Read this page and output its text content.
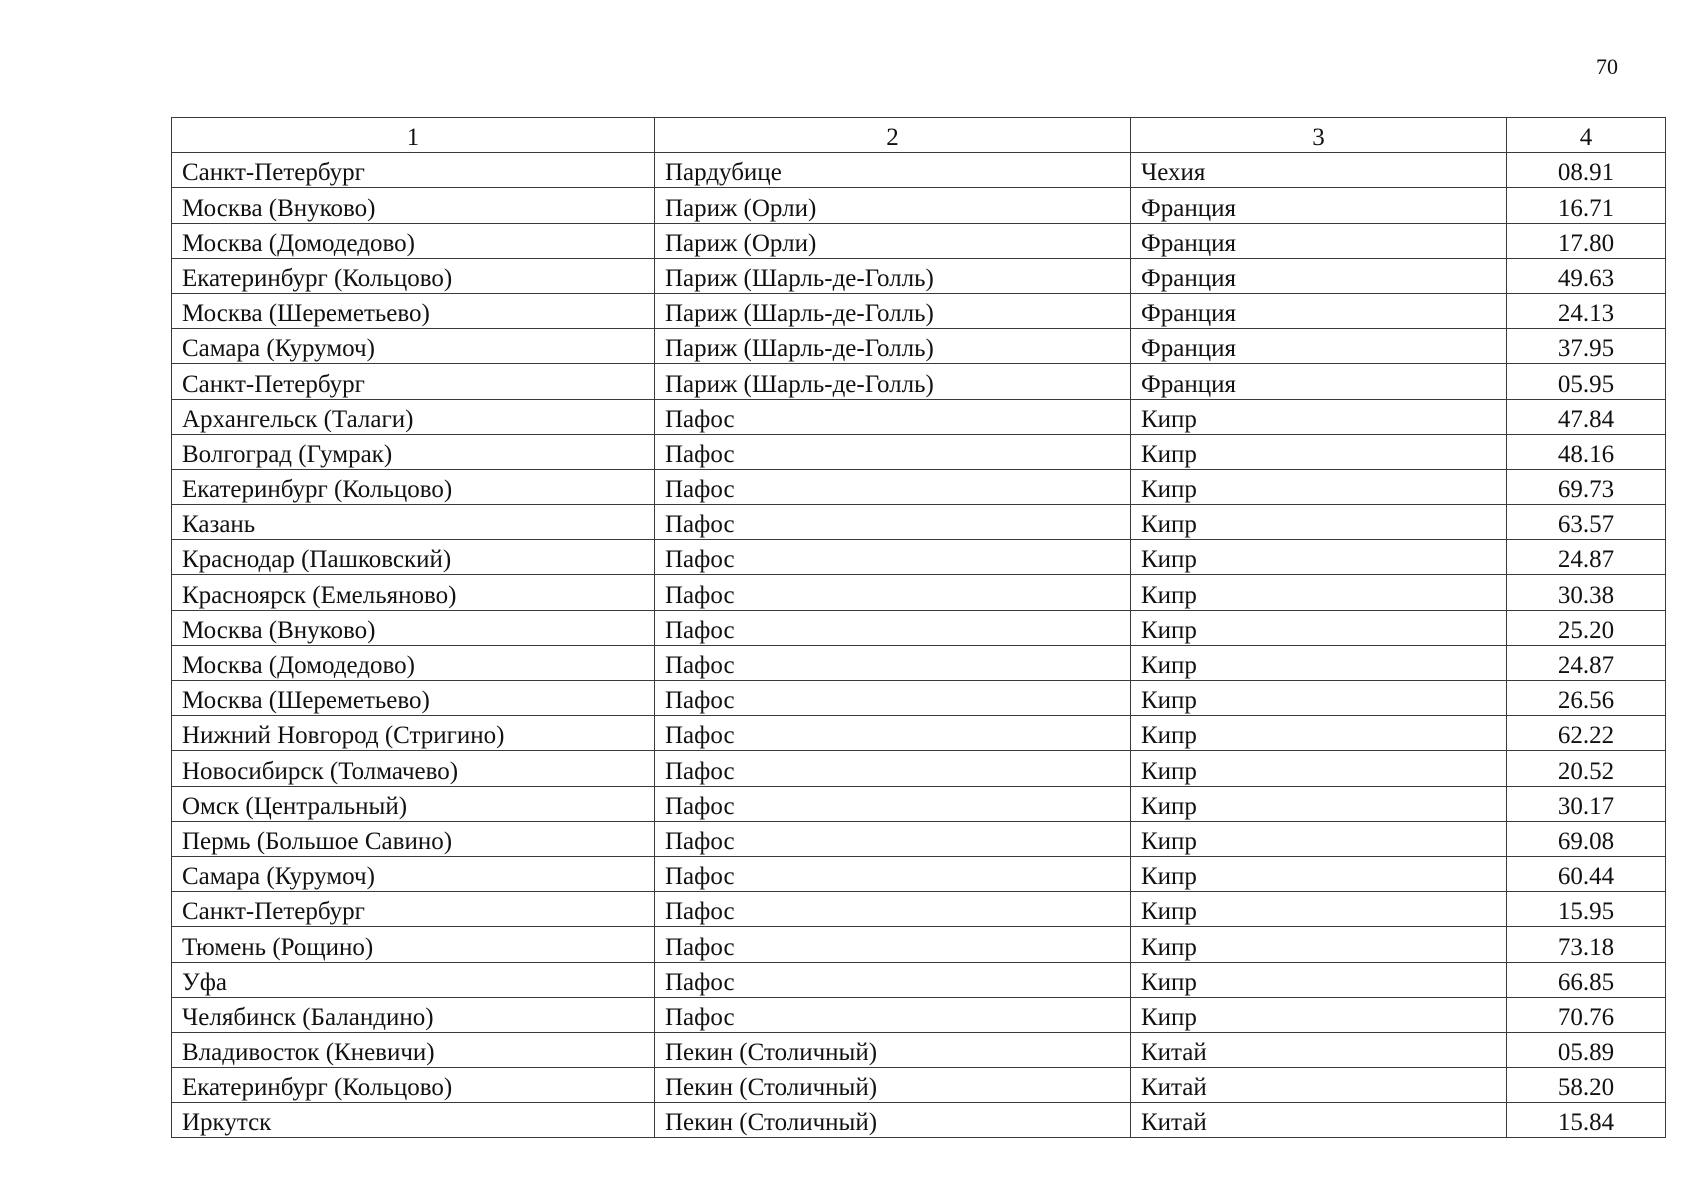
70
1	2	3	4
Санкт-Петербург	Пардубице	Чехия	08.91
Москва (Внуково)	Париж (Орли)	Франция	16.71
Москва (Домодедово)	Париж (Орли)	Франция	17.80
Екатеринбург (Кольцово)	Париж (Шарль-де-Голль)	Франция	49.63
Москва (Шереметьево)	Париж (Шарль-де-Голль)	Франция	24.13
Самара (Курумоч)	Париж (Шарль-де-Голль)	Франция	37.95
Санкт-Петербург	Париж (Шарль-де-Голль)	Франция	05.95
Архангельск (Талаги)	Пафос	Кипр	47.84
Волгоград (Гумрак)	Пафос	Кипр	48.16
Екатеринбург (Кольцово)	Пафос	Кипр	69.73
Казань	Пафос	Кипр	63.57
Краснодар (Пашковский)	Пафос	Кипр	24.87
Красноярск (Емельяново)	Пафос	Кипр	30.38
Москва (Внуково)	Пафос	Кипр	25.20
Москва (Домодедово)	Пафос	Кипр	24.87
Москва (Шереметьево)	Пафос	Кипр	26.56
Нижний Новгород (Стригино)	Пафос	Кипр	62.22
Новосибирск (Толмачево)	Пафос	Кипр	20.52
Омск (Центральный)	Пафос	Кипр	30.17
Пермь (Большое Савино)	Пафос	Кипр	69.08
Самара (Курумоч)	Пафос	Кипр	60.44
Санкт-Петербург	Пафос	Кипр	15.95
Тюмень (Рощино)	Пафос	Кипр	73.18
Уфа	Пафос	Кипр	66.85
Челябинск (Баландино)	Пафос	Кипр	70.76
Владивосток (Кневичи)	Пекин (Столичный)	Китай	05.89
Екатеринбург (Кольцово)	Пекин (Столичный)	Китай	58.20
Иркутск	Пекин (Столичный)	Китай	15.84
